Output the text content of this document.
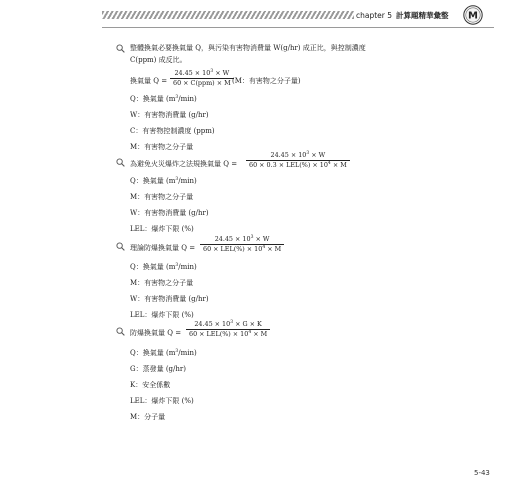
chapter 5 計算題精華彙整 M
整體換氣必要換氣量 Q，與污染有害物消費量 W(g/hr) 成正比，與控制濃度
C(ppm) 成反比。
換氣量 Q =
$24.45 \times 10^3 \times W$
60 × C(ppm) × M (M：有害物之分子量)
Q：換氣量 $(m^3/\min)$
W：有害物消費量 (g/hr)
C：有害物控制濃度 (ppm)
M：有害物之分子量
為避免火災爆炸之法規換氣量 Q =
$24.45 \times 10^3 \times W$
$60 \times 0.3 \times LEL(\%) \times 10^4 \times M$
Q：換氣量 $(m^3/\min)$
M：有害物之分子量
W：有害物消費量 (g/hr)
LEL：爆炸下限 (%)
理論防爆換氣量 Q =
$24.45 \times 10^3 \times W$
$60 \times LEL(\%) \times 10^4 \times M$
Q：換氣量 $(m^3/\min)$
M：有害物之分子量
W：有害物消費量 (g/hr)
LEL：爆炸下限 (%)
防爆換氣量 Q =
$24.45 \times 10^3 \times G \times K$
$60 \times LEL(\%) \times 10^4 \times M$
Q：換氣量 $(m^3/\min)$
G：蒸發量 (g/hr)
K：安全係數
LEL：爆炸下限 (%)
M：分子量
5-43
